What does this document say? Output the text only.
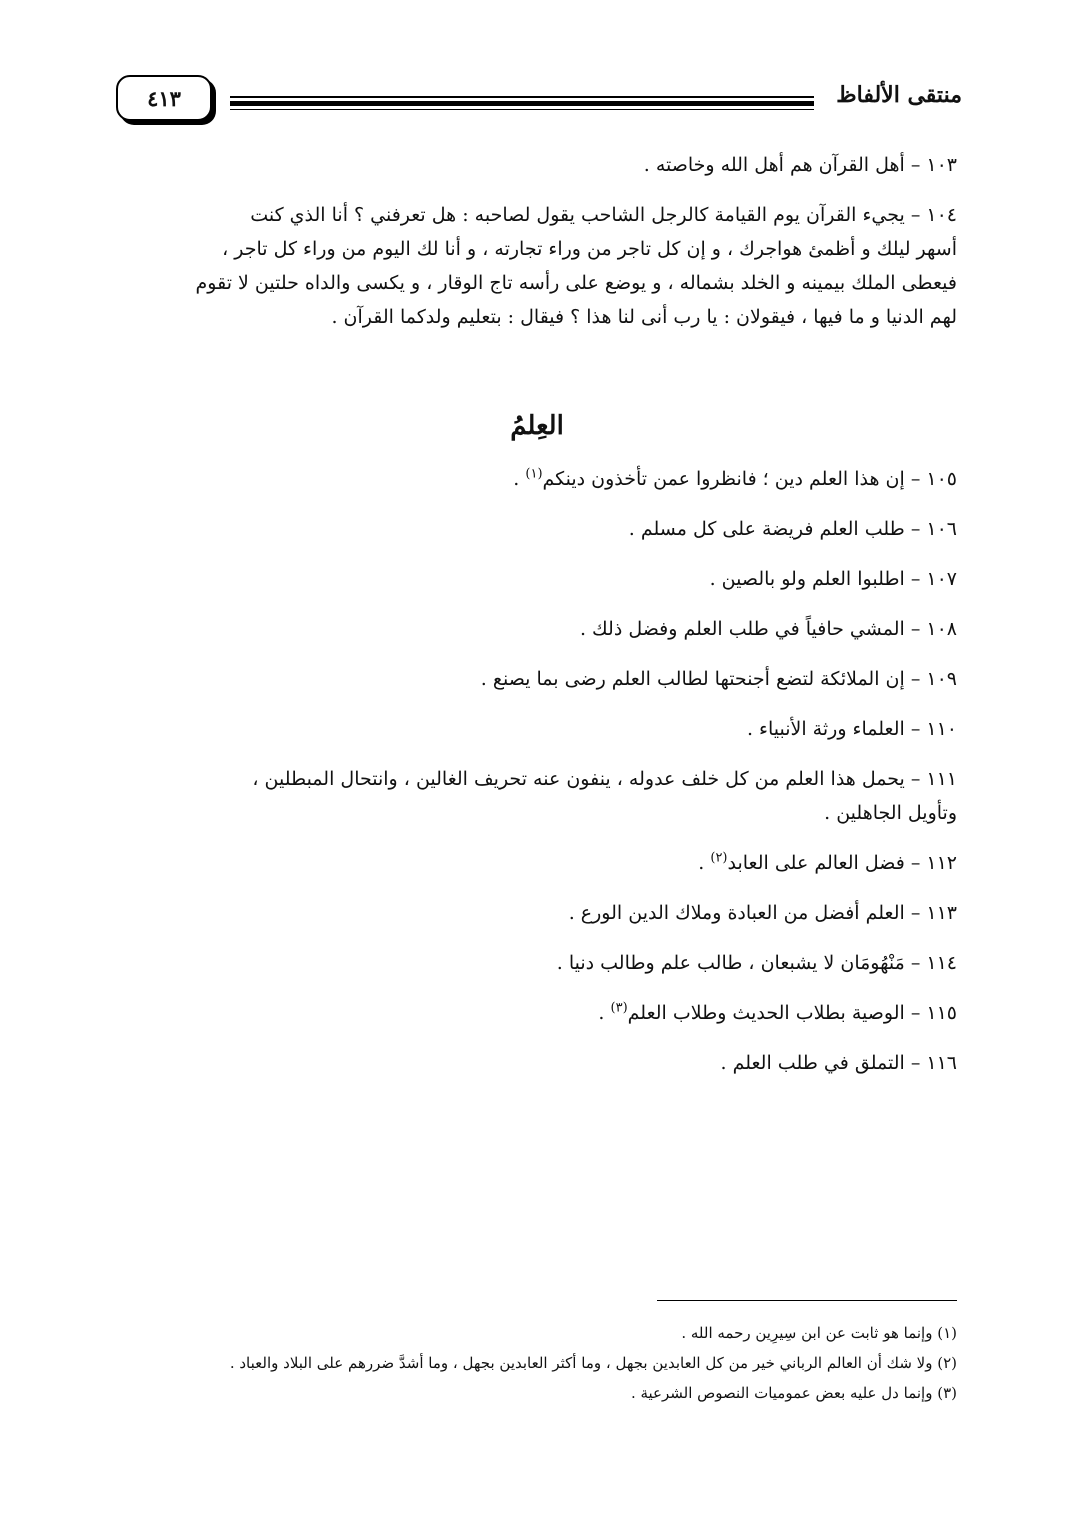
منتقى الألفاظ
٤١٣
١٠٣ – أهل القرآن هم أهل الله وخاصته .
١٠٤ – يجيء القرآن يوم القيامة كالرجل الشاحب يقول لصاحبه : هل تعرفني ؟ أنا الذي كنت
أسهر ليلك و أظمئ هواجرك ، و إن كل تاجر من وراء تجارته ، و أنا لك اليوم من وراء كل تاجر ،
فيعطى الملك بيمينه و الخلد بشماله ، و يوضع على رأسه تاج الوقار ، و يكسى والداه حلتين لا تقوم
لهم الدنيا و ما فيها ، فيقولان : يا رب أنى لنا هذا ؟ فيقال : بتعليم ولدكما القرآن .
العِلمُ
١٠٥ – إن هذا العلم دين ؛ فانظروا عمن تأخذون دينكم$^{(١)}$ .
١٠٦ – طلب العلم فريضة على كل مسلم .
١٠٧ – اطلبوا العلم ولو بالصين .
١٠٨ – المشي حافياً في طلب العلم وفضل ذلك .
١٠٩ – إن الملائكة لتضع أجنحتها لطالب العلم رضى بما يصنع .
١١٠ – العلماء ورثة الأنبياء .
١١١ – يحمل هذا العلم من كل خلف عدوله ، ينفون عنه تحريف الغالين ، وانتحال المبطلين ،
وتأويل الجاهلين .
١١٢ – فضل العالم على العابد$^{(٢)}$ .
١١٣ – العلم أفضل من العبادة وملاك الدين الورع .
١١٤ – مَنْهُومَان لا يشبعان ، طالب علم وطالب دنيا .
١١٥ – الوصية بطلاب الحديث وطلاب العلم$^{(٣)}$ .
١١٦ – التملق في طلب العلم .
(١) وإنما هو ثابت عن ابن سِيرِين رحمه الله .
(٢) ولا شك أن العالم الرباني خير من كل العابدين بجهل ، وما أكثر العابدين بجهل ، وما أشدَّ ضررهم على البلاد والعباد .
(٣) وإنما دل عليه بعض عموميات النصوص الشرعية .
